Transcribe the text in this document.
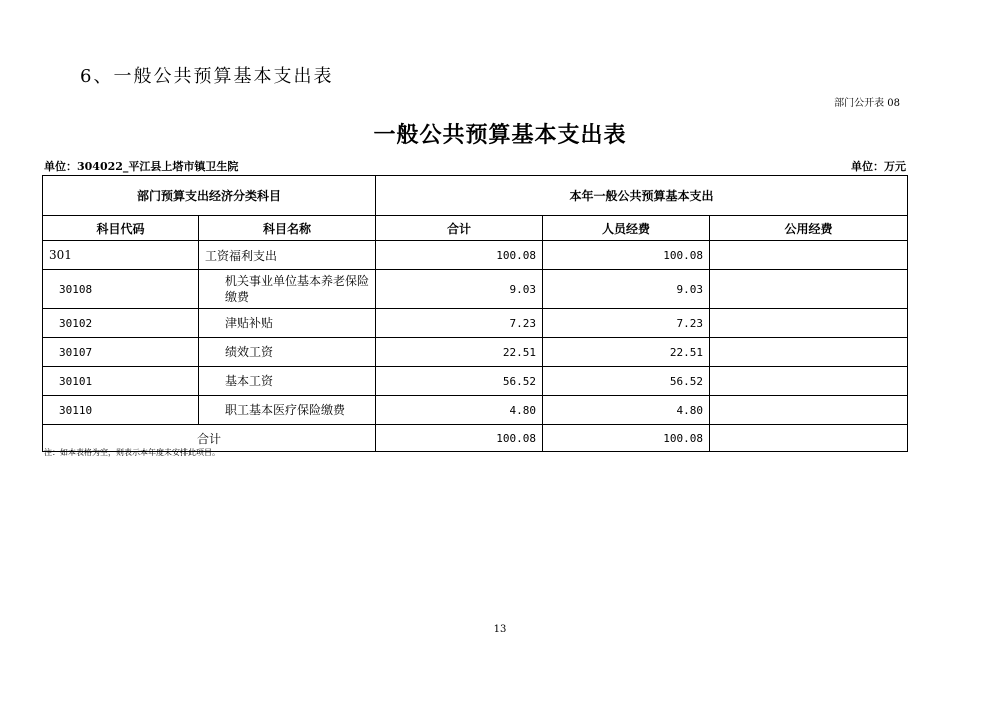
6、一般公共预算基本支出表
部门公开表 08
一般公共预算基本支出表
单位：304022_平江县上塔市镇卫生院	单位：万元
部门预算支出经济分类科目		本年一般公共预算基本支出		
科目代码	科目名称	合计	人员经费	公用经费
301	工资福利支出	100.08	100.08	
30108	机关事业单位基本养老保险缴费	9.03	9.03	
30102	津贴补贴	7.23	7.23	
30107	绩效工资	22.51	22.51	
30101	基本工资	56.52	56.52	
30110	职工基本医疗保险缴费	4.80	4.80	
合计		100.08	100.08	
注：如本表格为空，则表示本年度未安排此项目。
13
